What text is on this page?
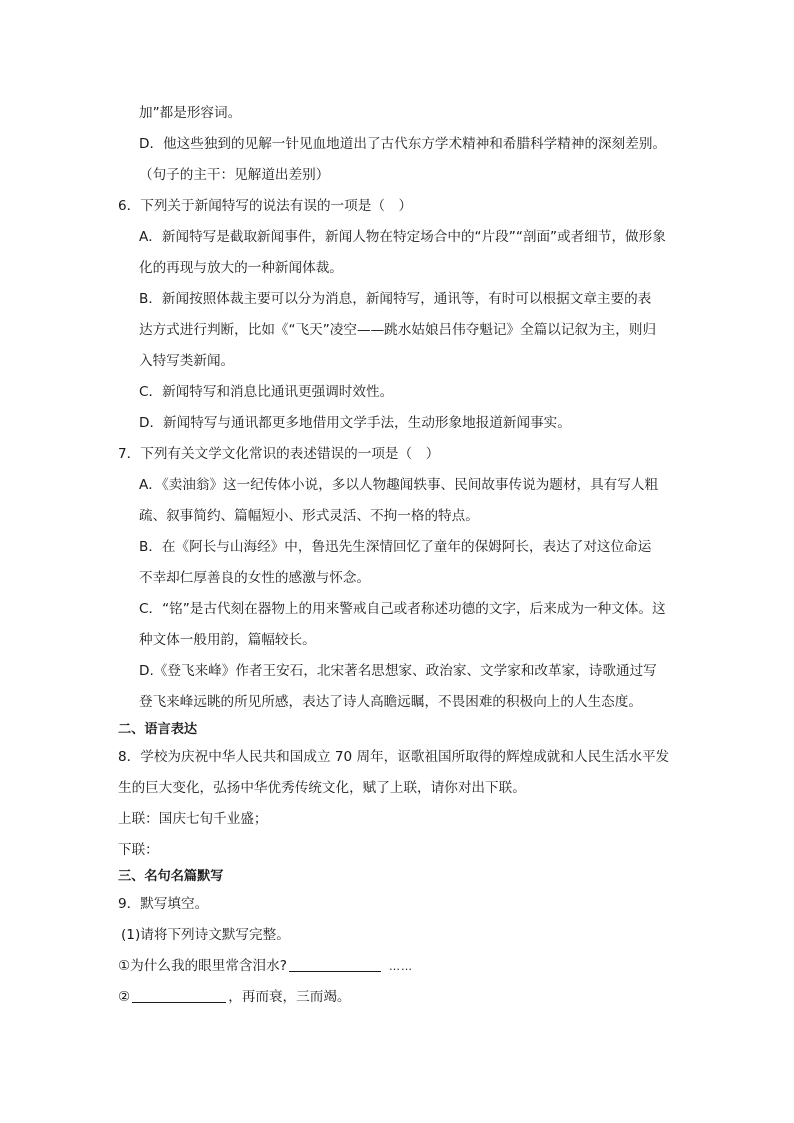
加”都是形容词。
D．他这些独到的见解一针见血地道出了古代东方学术精神和希腊科学精神的深刻差别。
（句子的主干：见解道出差别）
6．下列关于新闻特写的说法有误的一项是（　）
A．新闻特写是截取新闻事件，新闻人物在特定场合中的“片段”“剖面”或者细节，做形象
化的再现与放大的一种新闻体裁。
B．新闻按照体裁主要可以分为消息，新闻特写，通讯等，有时可以根据文章主要的表
达方式进行判断，比如《“飞天”凌空——跳水姑娘吕伟夺魁记》全篇以记叙为主，则归
入特写类新闻。
C．新闻特写和消息比通讯更强调时效性。
D．新闻特写与通讯都更多地借用文学手法，生动形象地报道新闻事实。
7．下列有关文学文化常识的表述错误的一项是（　）
A．《卖油翁》这一纪传体小说，多以人物趣闻轶事、民间故事传说为题材，具有写人粗
疏、叙事简约、篇幅短小、形式灵活、不拘一格的特点。
B．在《阿长与山海经》中，鲁迅先生深情回忆了童年的保姆阿长，表达了对这位命运
不幸却仁厚善良的女性的感激与怀念。
C．“铭”是古代刻在器物上的用来警戒自己或者称述功德的文字，后来成为一种文体。这
种文体一般用韵，篇幅较长。
D.《登飞来峰》作者王安石，北宋著名思想家、政治家、文学家和改革家，诗歌通过写
登飞来峰远眺的所见所感，表达了诗人高瞻远瞩，不畏困难的积极向上的人生态度。
二、语言表达
8．学校为庆祝中华人民共和国成立 70 周年，讴歌祖国所取得的辉煌成就和人民生活水平发
生的巨大变化，弘扬中华优秀传统文化，赋了上联，请你对出下联。
上联：国庆七旬千业盛；
下联：
三、名句名篇默写
9．默写填空。
(1)请将下列诗文默写完整。
①为什么我的眼里常含泪水?	……
②	，再而衰，三而竭。
